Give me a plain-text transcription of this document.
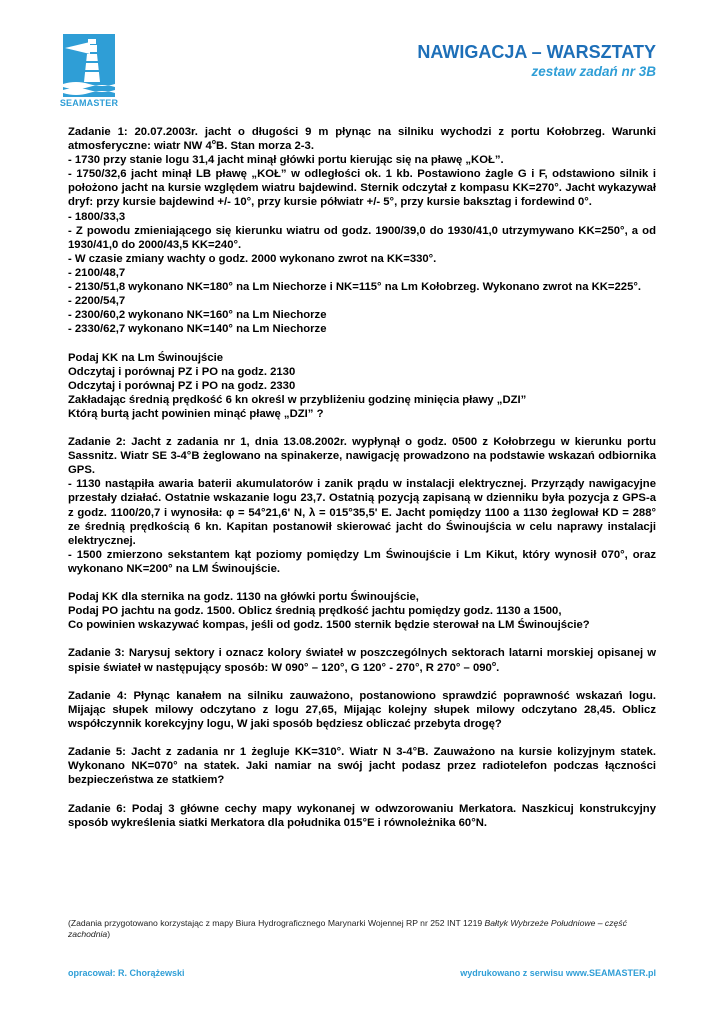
SEAMASTER
NAWIGACJA – WARSZTATY
zestaw zadań nr 3B

Zadanie 1: 20.07.2003r. jacht o długości 9 m płynąc na silniku wychodzi z portu Kołobrzeg. Warunki atmosferyczne: wiatr NW 4$^o$B. Stan morza 2-3.

- 1730 przy stanie logu 31,4 jacht minął główki portu kierując się na pławę „KOŁ”.

- 1750/32,6 jacht minął LB pławę „KOŁ” w odległości ok. 1 kb. Postawiono żagle G i F, odstawiono silnik i położono jacht na kursie względem wiatru bajdewind. Sternik odczytał z kompasu KK=270°. Jacht wykazywał dryf: przy kursie bajdewind +/- 10°, przy kursie półwiatr +/- 5°, przy kursie baksztag i fordewind 0°.

- 1800/33,3

- Z powodu zmieniającego się kierunku wiatru od godz. 1900/39,0 do 1930/41,0 utrzymywano KK=250°, a od 1930/41,0 do 2000/43,5 KK=240°.

- W czasie zmiany wachty o godz. 2000 wykonano zwrot na KK=330°.

- 2100/48,7

- 2130/51,8 wykonano NK=180° na Lm Niechorze i NK=115° na Lm Kołobrzeg. Wykonano zwrot na KK=225°.

- 2200/54,7

- 2300/60,2 wykonano NK=160° na Lm Niechorze

- 2330/62,7 wykonano NK=140° na Lm Niechorze

Podaj KK na Lm Świnoujście

Odczytaj i porównaj PZ i PO na godz. 2130

Odczytaj i porównaj PZ i PO na godz. 2330

Zakładając średnią prędkość 6 kn określ w przybliżeniu godzinę minięcia pławy „DZI”

Którą burtą jacht powinien minąć pławę „DZI” ?

Zadanie 2: Jacht z zadania nr 1, dnia 13.08.2002r. wypłynął o godz. 0500 z Kołobrzegu w kierunku portu Sassnitz. Wiatr SE 3-4°B żeglowano na spinakerze, nawigację prowadzono na podstawie wskazań odbiornika GPS.

- 1130 nastąpiła awaria baterii akumulatorów i zanik prądu w instalacji elektrycznej. Przyrządy nawigacyjne przestały działać. Ostatnie wskazanie logu 23,7. Ostatnią pozycją zapisaną w dzienniku była pozycja z GPS-a z godz. 1100/20,7 i wynosiła: φ = 54°21,6' N, λ = 015°35,5' E. Jacht pomiędzy 1100 a 1130 żeglował KD = 288° ze średnią prędkością 6 kn. Kapitan postanowił skierować jacht do Świnoujścia w celu naprawy instalacji elektrycznej.

- 1500 zmierzono sekstantem kąt poziomy pomiędzy Lm Świnoujście i Lm Kikut, który wynosił 070°, oraz wykonano NK=200° na LM Świnoujście.

Podaj KK dla sternika na godz. 1130 na główki portu Świnoujście,

Podaj PO jachtu na godz. 1500. Oblicz średnią prędkość jachtu pomiędzy godz. 1130 a 1500,

Co powinien wskazywać kompas, jeśli od godz. 1500 sternik będzie sterował na LM Świnoujście?

Zadanie 3: Narysuj sektory i oznacz kolory świateł w poszczególnych sektorach latarni morskiej opisanej w spisie świateł w następujący sposób: W 090° – 120°, G 120° - 270°, R 270° – 090$^o$.

Zadanie 4: Płynąc kanałem na silniku zauważono, postanowiono sprawdzić poprawność wskazań logu. Mijając słupek milowy odczytano z logu 27,65, Mijając kolejny słupek milowy odczytano 28,45. Oblicz współczynnik korekcyjny logu, W jaki sposób będziesz obliczać przebyta drogę?

Zadanie 5: Jacht z zadania nr 1 żegluje KK=310°. Wiatr N 3-4°B. Zauważono na kursie kolizyjnym statek. Wykonano NK=070° na statek. Jaki namiar na swój jacht podasz przez radiotelefon podczas łączności bezpieczeństwa ze statkiem?

Zadanie 6: Podaj 3 główne cechy mapy wykonanej w odwzorowaniu Merkatora. Naszkicuj konstrukcyjny sposób wykreślenia siatki Merkatora dla południka 015°E i równoleżnika 60°N.

(Zadania przygotowano korzystając z mapy Biura Hydrograficznego Marynarki Wojennej RP nr 252 INT 1219 Bałtyk Wybrzeże Południowe – część zachodnia)
opracował: R. Chorążewski	wydrukowano z serwisu www.SEAMASTER.pl
